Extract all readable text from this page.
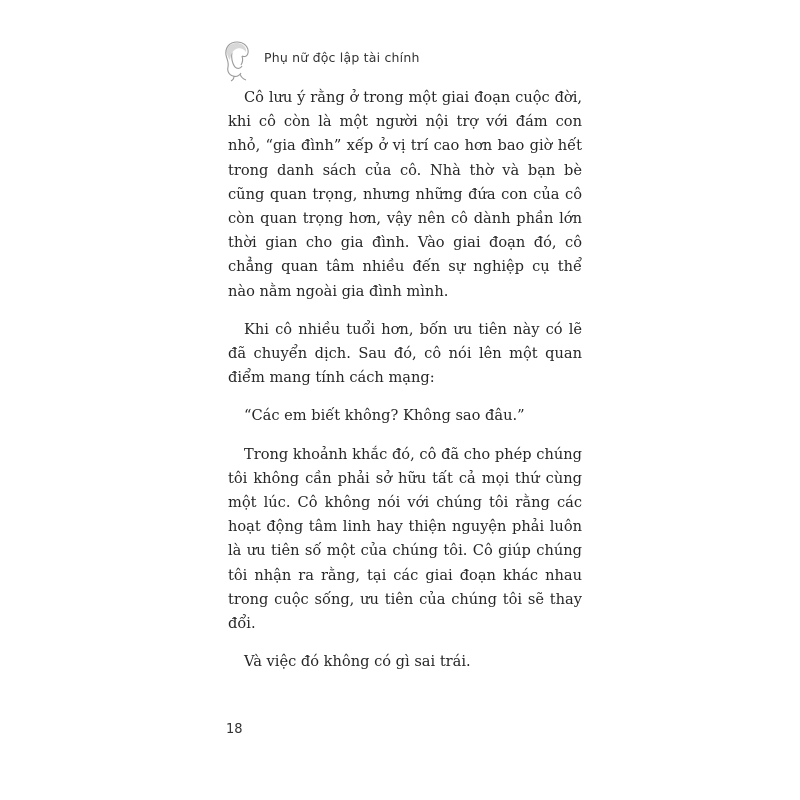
Phụ nữ độc lập tài chính

Cô lưu ý rằng ở trong một giai đoạn cuộc đời, khi cô còn là một người nội trợ với đám con nhỏ, “gia đình” xếp ở vị trí cao hơn bao giờ hết trong danh sách của cô. Nhà thờ và bạn bè cũng quan trọng, nhưng những đứa con của cô còn quan trọng hơn, vậy nên cô dành phần lớn thời gian cho gia đình. Vào giai đoạn đó, cô chẳng quan tâm nhiều đến sự nghiệp cụ thể nào nằm ngoài gia đình mình.

Khi cô nhiều tuổi hơn, bốn ưu tiên này có lẽ đã chuyển dịch. Sau đó, cô nói lên một quan điểm mang tính cách mạng:

“Các em biết không? Không sao đâu.”

Trong khoảnh khắc đó, cô đã cho phép chúng tôi không cần phải sở hữu tất cả mọi thứ cùng một lúc. Cô không nói với chúng tôi rằng các hoạt động tâm linh hay thiện nguyện phải luôn là ưu tiên số một của chúng tôi. Cô giúp chúng tôi nhận ra rằng, tại các giai đoạn khác nhau trong cuộc sống, ưu tiên của chúng tôi sẽ thay đổi.

Và việc đó không có gì sai trái.

18
